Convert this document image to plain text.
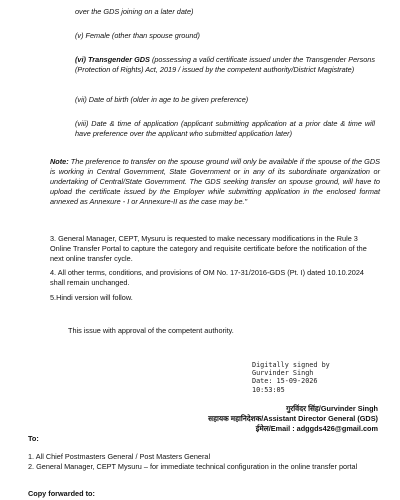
over the GDS joining on a later date)
(v) Female (other than spouse ground)
(vi) Transgender GDS (possessing a valid certificate issued under the Transgender Persons (Protection of Rights) Act, 2019 / issued by the competent authority/District Magistrate)
(vii) Date of birth (older in age to be given preference)
(viii) Date & time of application (applicant submitting application at a prior date & time will have preference over the applicant who submitted application later)
Note: The preference to transfer on the spouse ground will only be available if the spouse of the GDS is working in Central Government, State Government or in any of its subordinate organization or undertaking of Central/State Government. The GDS seeking transfer on spouse ground, will have to upload the certificate issued by the Employer while submitting application in the enclosed format annexed as Annexure - I or Annexure-II as the case may be."
3. General Manager, CEPT, Mysuru is requested to make necessary modifications in the Rule 3 Online Transfer Portal to capture the category and requisite certificate before the notification of the next online transfer cycle.
4. All other terms, conditions, and provisions of OM No. 17-31/2016-GDS (Pt. I) dated 10.10.2024 shall remain unchanged.
5.Hindi version will follow.
This issue with approval of the competent authority.
Digitally signed by
Gurvinder Singh
Date: 15-09-2026
10:53:05
गुरविंदर सिंह/Gurvinder Singh
सहायक महानिदेशक/Assistant Director General (GDS)
ईमेल/Email : adggds426@gmail.com
To:
1. All Chief Postmasters General / Post Masters General
2. General Manager, CEPT Mysuru – for immediate technical configuration in the online transfer portal
Copy forwarded to:
